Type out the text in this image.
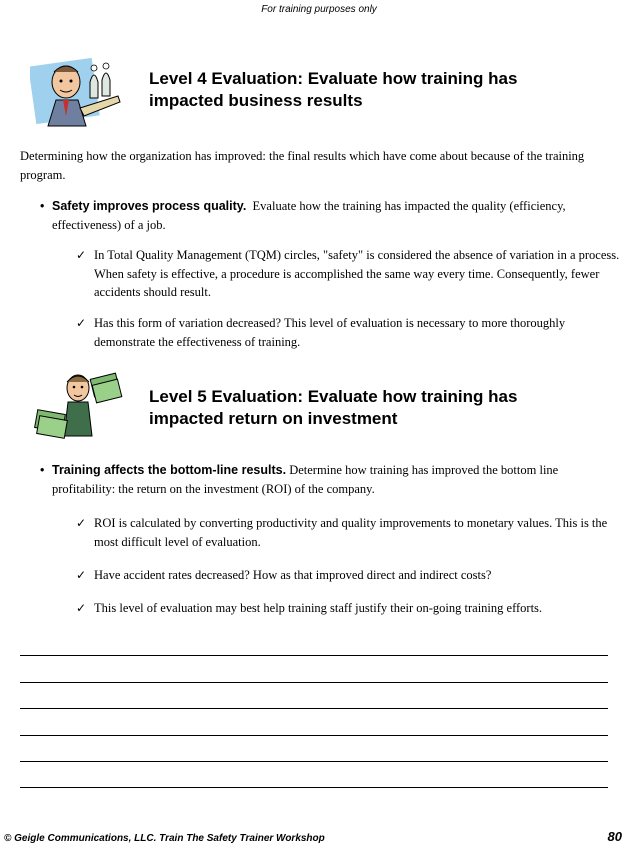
For training purposes only
Level 4 Evaluation: Evaluate how training has
impacted business results
Determining how the organization has improved: the final results which have come about because of the training program.
• Safety improves process quality. Evaluate how the training has impacted the quality (efficiency, effectiveness) of a job.
✓ In Total Quality Management (TQM) circles, "safety" is considered the absence of variation in a process. When safety is effective, a procedure is accomplished the same way every time. Consequently, fewer accidents should result.
✓ Has this form of variation decreased? This level of evaluation is necessary to more thoroughly demonstrate the effectiveness of training.
Level 5 Evaluation: Evaluate how training has
impacted return on investment
• Training affects the bottom-line results. Determine how training has improved the bottom line profitability: the return on the investment (ROI) of the company.
✓ ROI is calculated by converting productivity and quality improvements to monetary values. This is the most difficult level of evaluation.
✓ Have accident rates decreased? How as that improved direct and indirect costs?
✓ This level of evaluation may best help training staff justify their on-going training efforts.
© Geigle Communications, LLC. Train The Safety Trainer Workshop	80
